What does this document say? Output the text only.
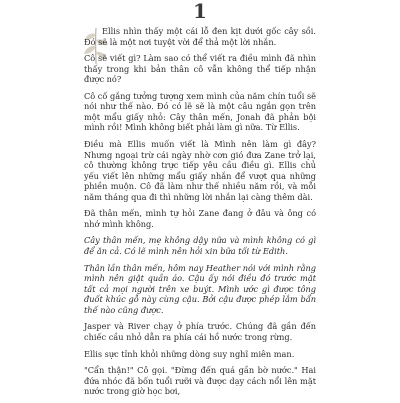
1

Ellis nhìn thấy một cái lỗ đen kịt dưới gốc cây sồi. Đó sẽ là một nơi tuyệt vời để thả một lời nhắn.

Cô sẽ viết gì? Làm sao có thể viết ra điều mình đã nhìn thấy trong khi bản thân cô vẫn không thể tiếp nhận được nó?

Cô cố gắng tưởng tượng xem mình của năm chín tuổi sẽ nói như thế nào. Đó có lẽ sẽ là một câu ngắn gọn trên một mẩu giấy nhỏ: Cây thân mến, Jonah đã phản bội mình rồi! Mình không biết phải làm gì nữa. Từ Ellis.

Điều mà Ellis muốn viết là Mình nên làm gì đây? Nhưng ngoại trừ cái ngày nhờ cơn gió đưa Zane trở lại, cô thường không trực tiếp yêu cầu điều gì. Ellis chủ yếu viết lên những mẩu giấy nhắn để vượt qua những phiền muộn. Cô đã làm như thế nhiều năm rồi, và mỗi năm tháng qua đi thì những lời nhắn lại càng thêm dài.

Đã thân mến, mình tự hỏi Zane đang ở đâu và ông có nhớ mình không.

Cây thân mến, mẹ không dậy nữa và mình không có gì để ăn cả. Có lẽ mình nên hỏi xin bữa tối từ Edith.

Thân lần thân mến, hôm nay Heather nói với mình rằng mình nên giật quần áo. Cậu ấy nói điều đó trước mặt tất cả mọi người trên xe buýt. Mình ước gì được tông đuốt khúc gỗ này cùng cậu. Bởi cậu được phép lắm bẩn thế nào cũng được.

Jasper và River chạy ở phía trước. Chúng đã gần đến chiếc cầu nhỏ dẫn ra phía cái hồ nước trong rừng.

Ellis sực tỉnh khỏi những dòng suy nghĩ miên man.

"Cẩn thận!" Cô gọi. "Đừng đến quá gần bờ nước." Hai đứa nhóc đã bốn tuổi rưỡi và được dạy cách nổi lên mặt nước trong giờ học bơi,
